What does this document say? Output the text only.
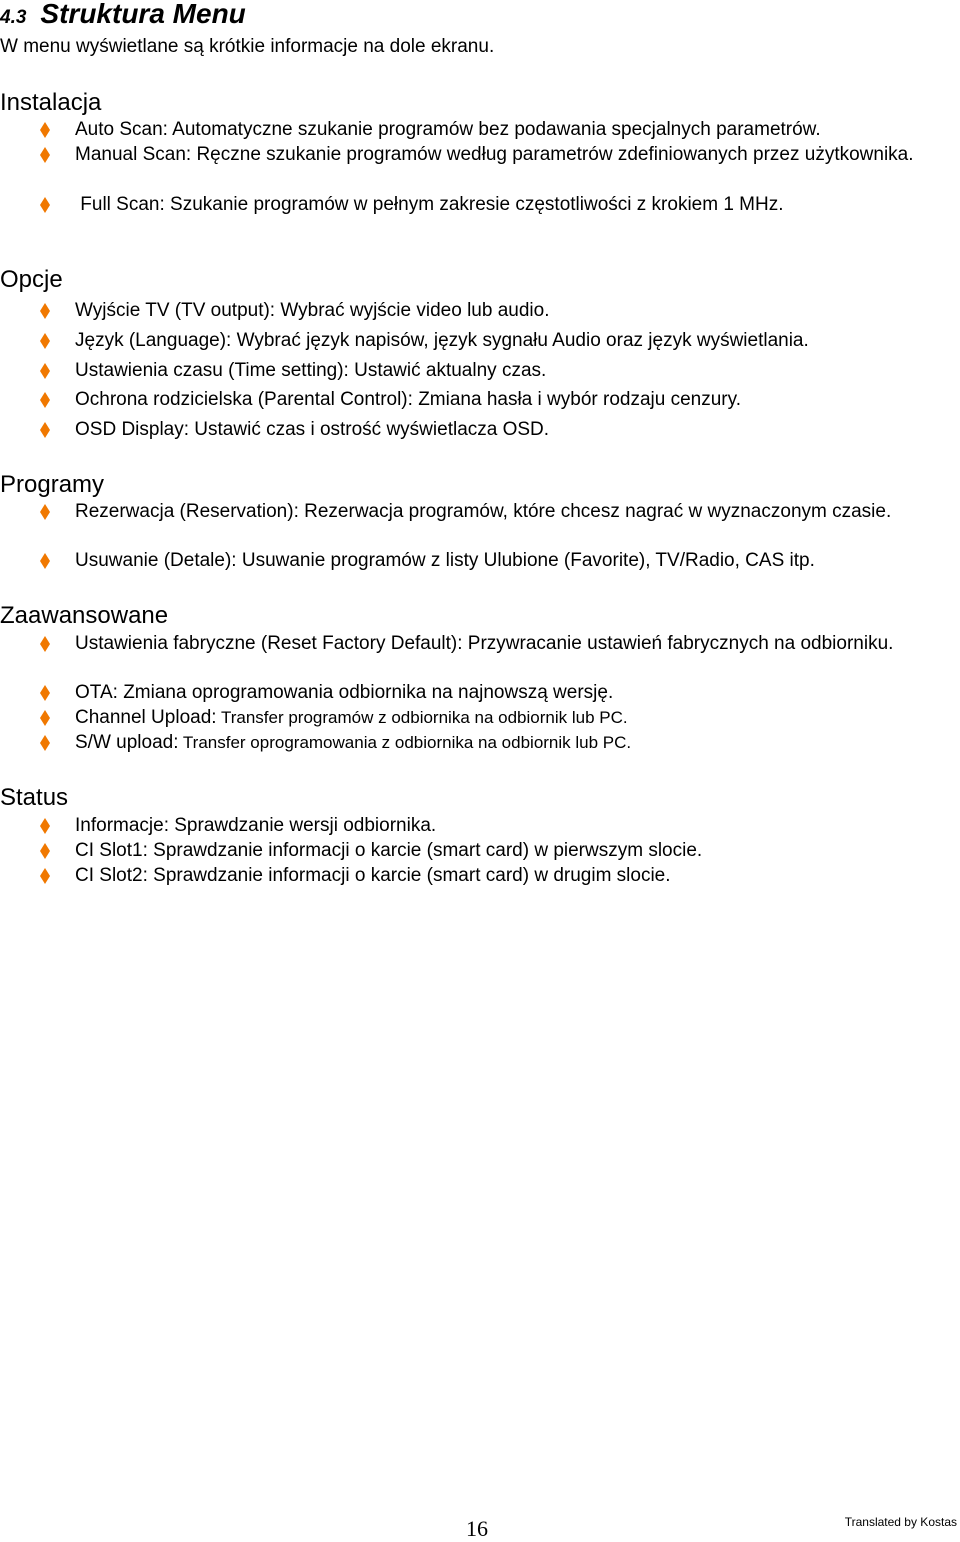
4.3 Struktura Menu
W menu wyświetlane są krótkie informacje na dole ekranu.
Instalacja
Auto Scan: Automatyczne szukanie programów bez podawania specjalnych parametrów.
Manual Scan: Ręczne szukanie programów według parametrów zdefiniowanych przez użytkownika.
Full Scan: Szukanie programów w pełnym zakresie częstotliwości z krokiem 1 MHz.
Opcje
Wyjście TV (TV output): Wybrać wyjście video lub audio.
Język (Language): Wybrać język napisów, język sygnału Audio oraz język wyświetlania.
Ustawienia czasu (Time setting): Ustawić aktualny czas.
Ochrona rodzicielska (Parental Control): Zmiana hasła i wybór rodzaju cenzury.
OSD Display: Ustawić czas i ostrość wyświetlacza OSD.
Programy
Rezerwacja (Reservation): Rezerwacja programów, które chcesz nagrać w wyznaczonym czasie.
Usuwanie (Detale): Usuwanie programów z listy Ulubione (Favorite), TV/Radio, CAS itp.
Zaawansowane
Ustawienia fabryczne (Reset Factory Default): Przywracanie ustawień fabrycznych na odbiorniku.
OTA: Zmiana oprogramowania odbiornika na najnowszą wersję.
Channel Upload: Transfer programów z odbiornika na odbiornik lub PC.
S/W upload: Transfer oprogramowania z odbiornika na odbiornik lub PC.
Status
Informacje: Sprawdzanie wersji odbiornika.
CI Slot1: Sprawdzanie informacji o karcie (smart card) w pierwszym slocie.
CI Slot2: Sprawdzanie informacji o karcie (smart card) w drugim slocie.
16	Translated by Kostas
